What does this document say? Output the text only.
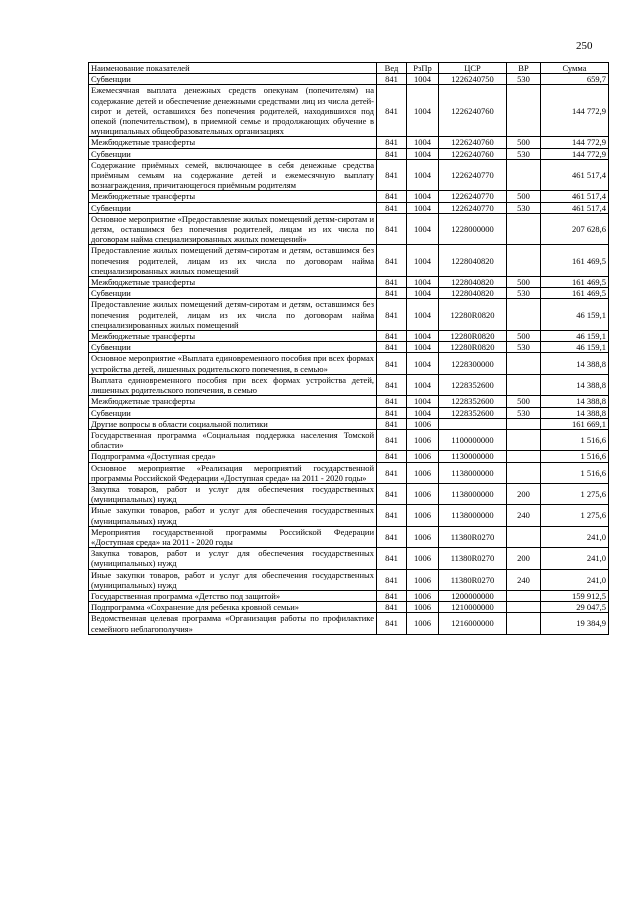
250
Наименование показателей	Вед	РзПр	ЦСР	ВР	Сумма
Субвенции	841	1004	1226240750	530	659,7
Ежемесячная выплата денежных средств опекунам (попечителям) на содержание детей и обеспечение денежными средствами лиц из числа детей-сирот и детей, оставшихся без попечения родителей, находившихся под опекой (попечительством), в приемной семье и продолжающих обучение в муниципальных общеобразовательных организациях	841	1004	1226240760		144 772,9
Межбюджетные трансферты	841	1004	1226240760	500	144 772,9
Субвенции	841	1004	1226240760	530	144 772,9
Содержание приёмных семей, включающее в себя денежные средства приёмным семьям на содержание детей и ежемесячную выплату вознаграждения, причитающегося приёмным родителям	841	1004	1226240770		461 517,4
Межбюджетные трансферты	841	1004	1226240770	500	461 517,4
Субвенции	841	1004	1226240770	530	461 517,4
Основное мероприятие «Предоставление жилых помещений детям-сиротам и детям, оставшимся без попечения родителей, лицам из их числа по договорам найма специализированных жилых помещений»	841	1004	1228000000		207 628,6
Предоставление жилых помещений детям-сиротам и детям, оставшимся без попечения родителей, лицам из их числа по договорам найма специализированных жилых помещений	841	1004	1228040820		161 469,5
Межбюджетные трансферты	841	1004	1228040820	500	161 469,5
Субвенции	841	1004	1228040820	530	161 469,5
Предоставление жилых помещений детям-сиротам и детям, оставшимся без попечения родителей, лицам из их числа по договорам найма специализированных жилых помещений	841	1004	12280R0820		46 159,1
Межбюджетные трансферты	841	1004	12280R0820	500	46 159,1
Субвенции	841	1004	12280R0820	530	46 159,1
Основное мероприятие «Выплата единовременного пособия при всех формах устройства детей, лишенных родительского попечения, в семью»	841	1004	1228300000		14 388,8
Выплата единовременного пособия при всех формах устройства детей, лишенных родительского попечения, в семью	841	1004	1228352600		14 388,8
Межбюджетные трансферты	841	1004	1228352600	500	14 388,8
Субвенции	841	1004	1228352600	530	14 388,8
Другие вопросы в области социальной политики	841	1006			161 669,1
Государственная программа «Социальная поддержка населения Томской области»	841	1006	1100000000		1 516,6
Подпрограмма «Доступная среда»	841	1006	1130000000		1 516,6
Основное мероприятие «Реализация мероприятий государственной программы Российской Федерации «Доступная среда» на 2011 - 2020 годы»	841	1006	1138000000		1 516,6
Закупка товаров, работ и услуг для обеспечения государственных (муниципальных) нужд	841	1006	1138000000	200	1 275,6
Иные закупки товаров, работ и услуг для обеспечения государственных (муниципальных) нужд	841	1006	1138000000	240	1 275,6
Мероприятия государственной программы Российской Федерации «Доступная среда» на 2011 - 2020 годы	841	1006	11380R0270		241,0
Закупка товаров, работ и услуг для обеспечения государственных (муниципальных) нужд	841	1006	11380R0270	200	241,0
Иные закупки товаров, работ и услуг для обеспечения государственных (муниципальных) нужд	841	1006	11380R0270	240	241,0
Государственная программа «Детство под защитой»	841	1006	1200000000		159 912,5
Подпрограмма «Сохранение для ребенка кровной семьи»	841	1006	1210000000		29 047,5
Ведомственная целевая программа «Организация работы по профилактике семейного неблагополучия»	841	1006	1216000000		19 384,9
